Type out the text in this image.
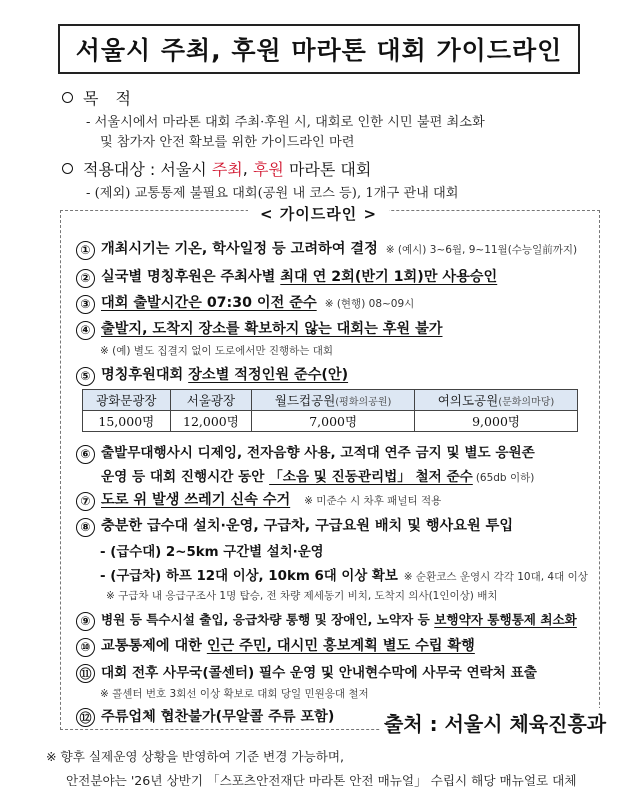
서울시 주최, 후원 마라톤 대회 가이드라인
목 적
- 서울시에서 마라톤 대회 주최·후원 시, 대회로 인한 시민 불편 최소화
및 참가자 안전 확보를 위한 가이드라인 마련
적용대상 : 서울시 주최 , 후원 마라톤 대회
- (제외) 교통통제 불필요 대회(공원 내 코스 등), 1개구 관내 대회
< 가이드라인 >
① 개최시기는 기온, 학사일정 등 고려하여 결정 ※ (예시) 3~6월, 9~11월(수능일前까지)
② 실국별 명칭후원은 주최사별 최대 연 2회(반기 1회)만 사용승인
③ 대회 출발시간은 07:30 이전 준수 ※ (현행) 08~09시
④ 출발지, 도착지 장소를 확보하지 않는 대회는 후원 불가
※ (예) 별도 집결지 없이 도로에서만 진행하는 대회
⑤ 명칭후원대회 장소별 적정인원 준수(안)
광화문광장	서울광장	월드컵공원(평화의공원)	여의도공원(문화의마당)
15,000명	12,000명	7,000명	9,000명
⑥ 출발무대행사시 디제잉, 전자음향 사용, 고적대 연주 금지 및 별도 응원존
운영 등 대회 진행시간 동안 「소음 및 진동관리법」 철저 준수 (65db 이하)
⑦ 도로 위 발생 쓰레기 신속 수거 ※ 미준수 시 차후 패널티 적용
⑧ 충분한 급수대 설치·운영, 구급차, 구급요원 배치 및 행사요원 투입
- (급수대) 2~5km 구간별 설치·운영
- (구급차) 하프 12대 이상, 10km 6대 이상 확보 ※ 순환코스 운영시 각각 10대, 4대 이상
※ 구급차 내 응급구조사 1명 탑승, 전 차량 제세동기 비치, 도착지 의사(1인이상) 배치
⑨ 병원 등 특수시설 출입, 응급차량 통행 및 장애인, 노약자 등 보행약자 통행통제 최소화
⑩ 교통통제에 대한 인근 주민, 대시민 홍보계획 별도 수립 확행
⑪ 대회 전후 사무국(콜센터) 필수 운영 및 안내현수막에 사무국 연락처 표출
※ 콜센터 번호 3회선 이상 확보로 대회 당일 민원응대 철저
⑫ 주류업체 협찬불가(무알콜 주류 포함) 출처 : 서울시 체육진흥과
※ 향후 실제운영 상황을 반영하여 기준 변경 가능하며,
안전분야는 '26년 상반기 「스포츠안전재단 마라톤 안전 매뉴얼」 수립시 해당 매뉴얼로 대체
